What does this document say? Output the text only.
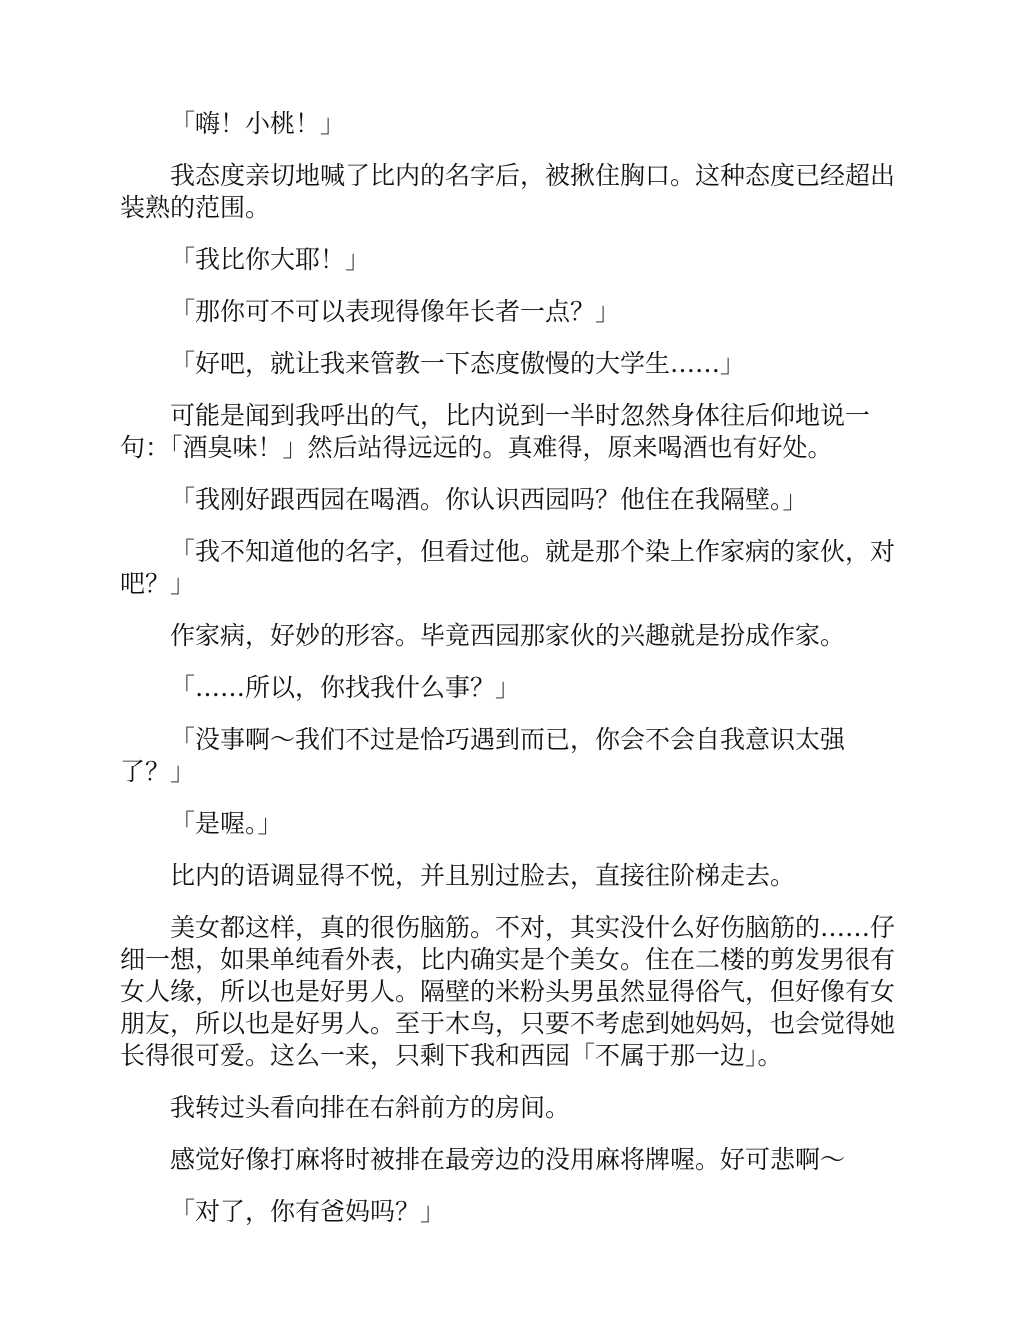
「嗨！小桃！」

我态度亲切地喊了比内的名字后，被揪住胸口。这种态度已经超出装熟的范围。

「我比你大耶！」

「那你可不可以表现得像年长者一点？」

「好吧，就让我来管教一下态度傲慢的大学生……」

可能是闻到我呼出的气，比内说到一半时忽然身体往后仰地说一句：「酒臭味！」然后站得远远的。真难得，原来喝酒也有好处。

「我刚好跟西园在喝酒。你认识西园吗？他住在我隔壁。」

「我不知道他的名字，但看过他。就是那个染上作家病的家伙，对吧？」

作家病，好妙的形容。毕竟西园那家伙的兴趣就是扮成作家。

「……所以，你找我什么事？」

「没事啊～我们不过是恰巧遇到而已，你会不会自我意识太强了？」

「是喔。」

比内的语调显得不悦，并且别过脸去，直接往阶梯走去。

美女都这样，真的很伤脑筋。不对，其实没什么好伤脑筋的……仔细一想，如果单纯看外表，比内确实是个美女。住在二楼的剪发男很有女人缘，所以也是好男人。隔壁的米粉头男虽然显得俗气，但好像有女朋友，所以也是好男人。至于木鸟，只要不考虑到她妈妈，也会觉得她长得很可爱。这么一来，只剩下我和西园「不属于那一边」。

我转过头看向排在右斜前方的房间。

感觉好像打麻将时被排在最旁边的没用麻将牌喔。好可悲啊～

「对了，你有爸妈吗？」
